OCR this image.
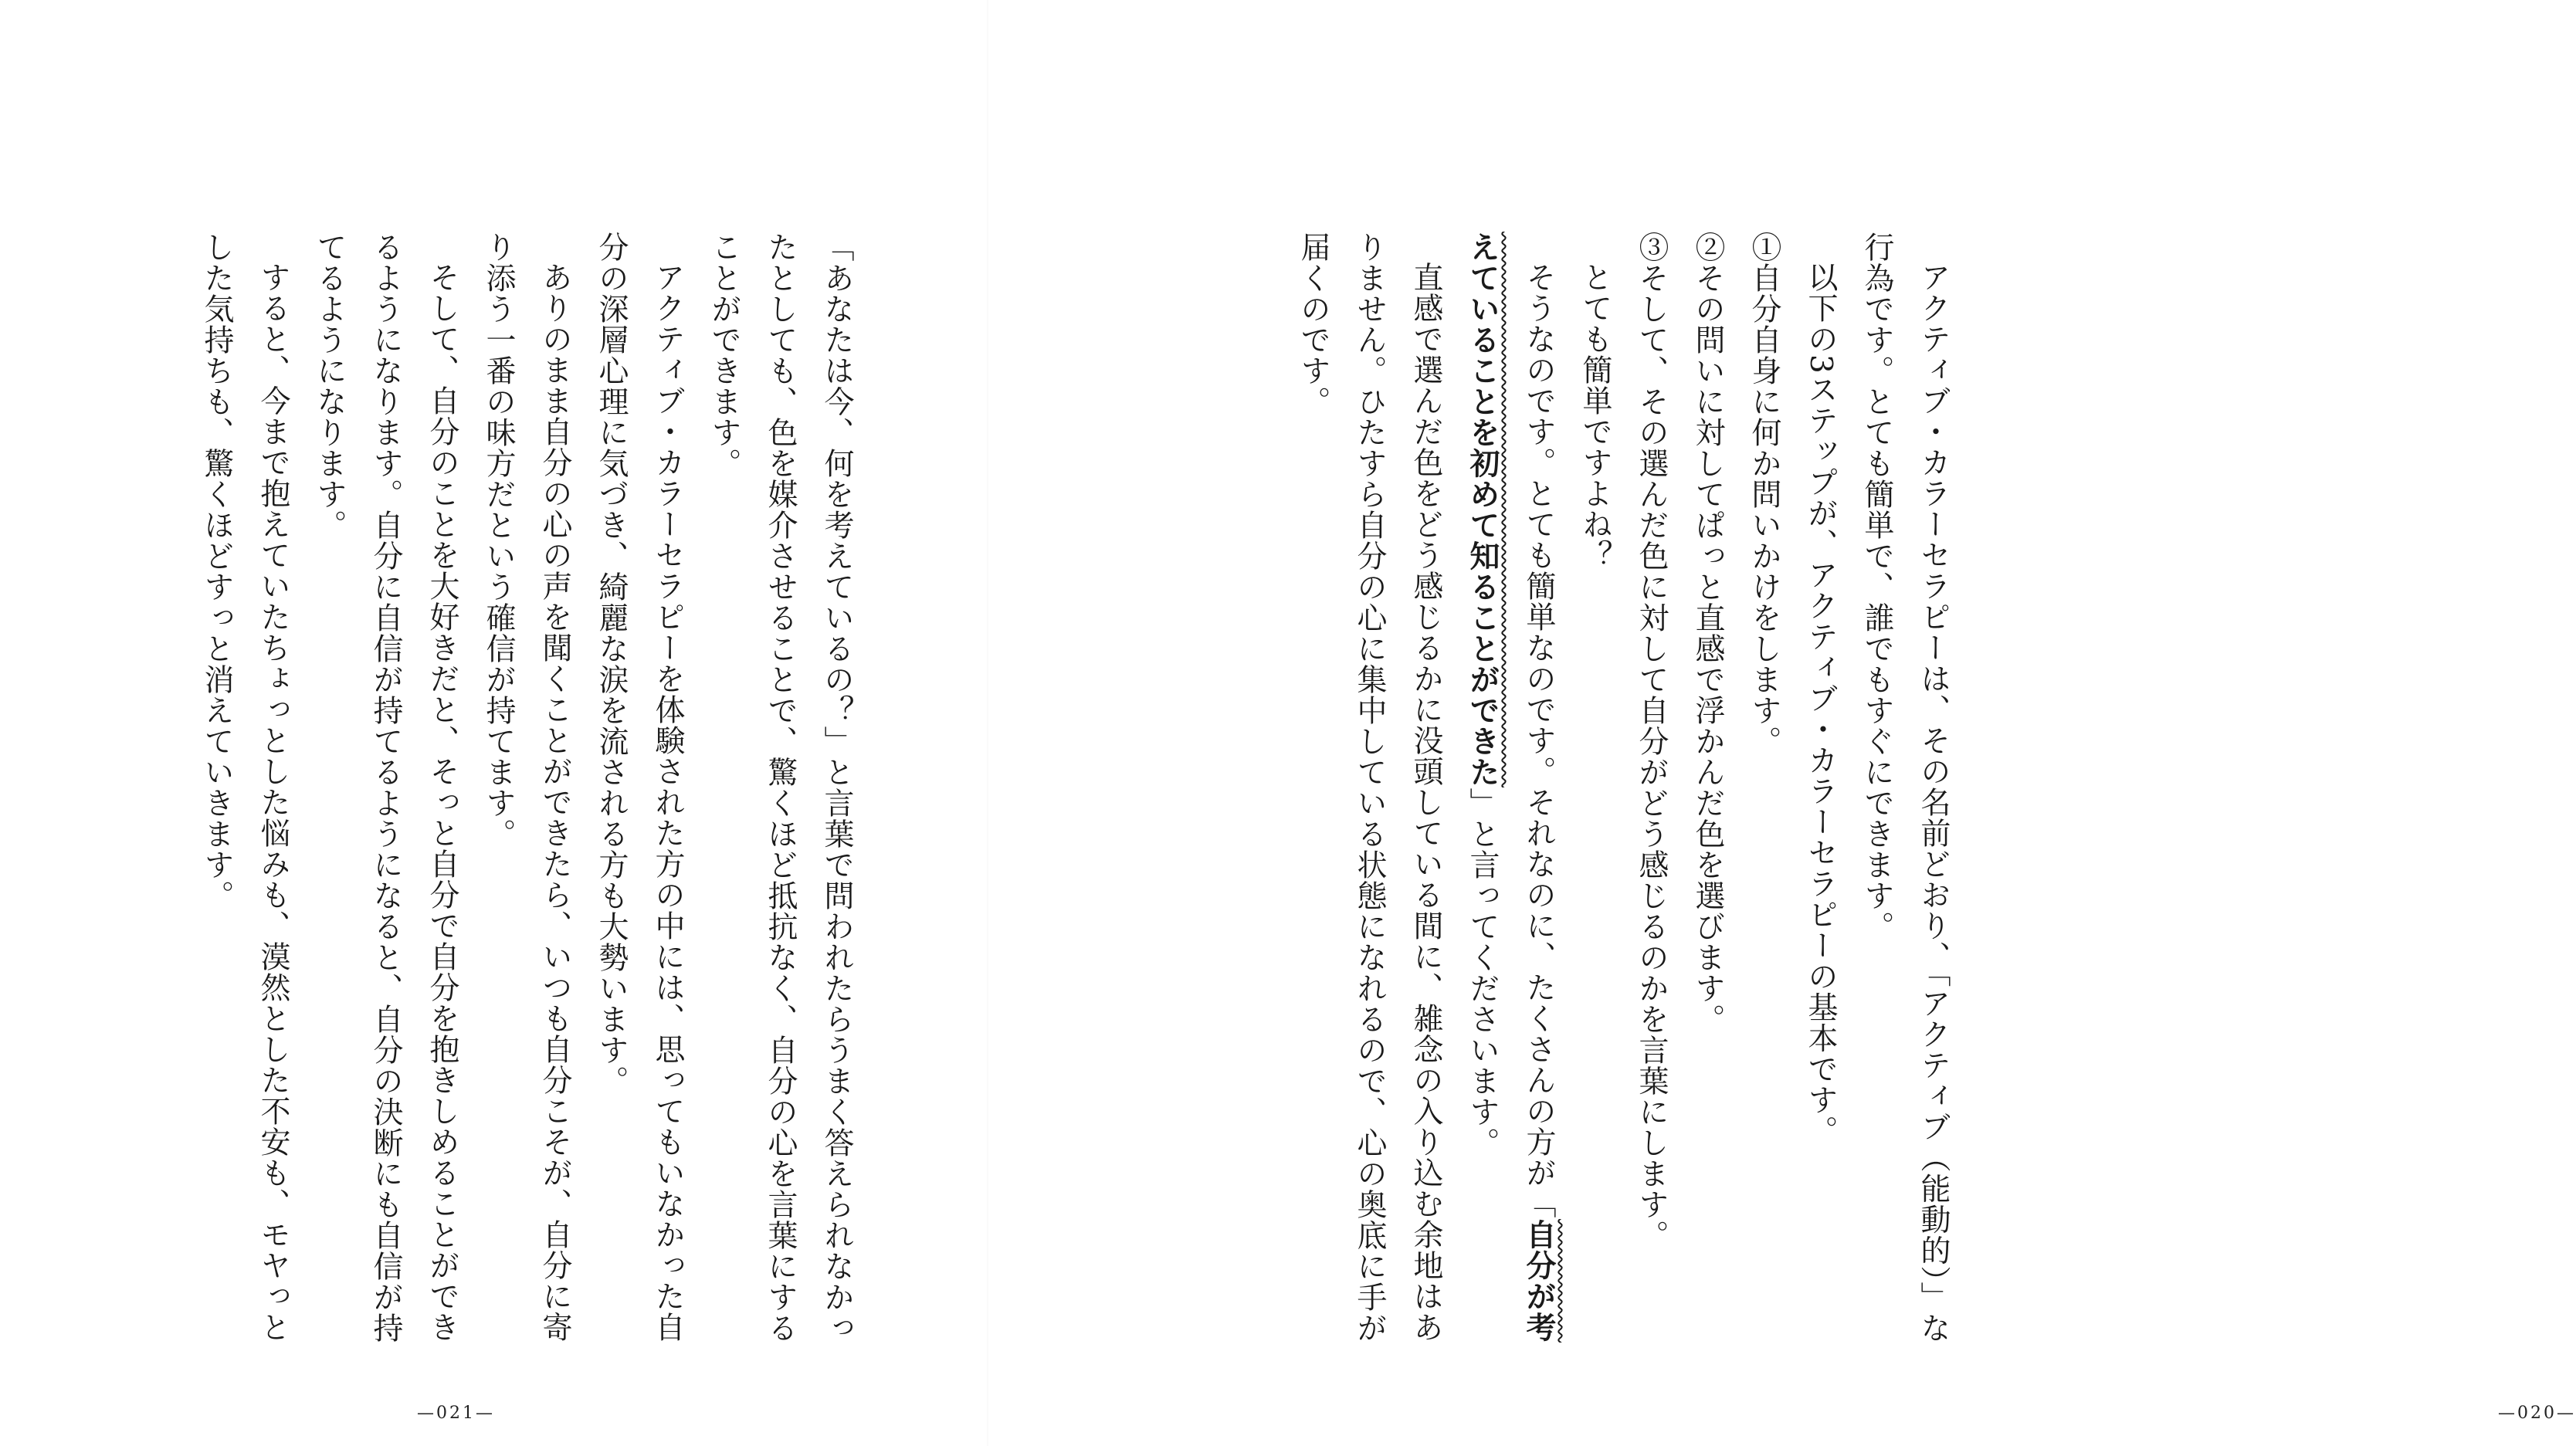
「あなたは今、何を考えているの？」と言葉で問われたらうまく答えられなかったとしても、色を媒介させることで、驚くほど抵抗なく、自分の心を言葉にすることができます。

アクティブ・カラーセラピーを体験された方の中には、思ってもいなかった自分の深層心理に気づき、綺麗な涙を流される方も大勢います。

ありのまま自分の心の声を聞くことができたら、いつも自分こそが、自分に寄り添う一番の味方だという確信が持てます。

そして、自分のことを大好きだと、そっと自分で自分を抱きしめることができるようになります。自分に自信が持てるようになると、自分の決断にも自信が持てるようになります。

すると、今まで抱えていたちょっとした悩みも、漠然とした不安も、モヤっとした気持ちも、驚くほどすっと消えていきます。

—021—

アクティブ・カラーセラピーは、その名前どおり、「アクティブ（能動的）」な行為です。とても簡単で、誰でもすぐにできます。

以下の3ステップが、アクティブ・カラーセラピーの基本です。

①自分自身に何か問いかけをします。

②その問いに対してぱっと直感で浮かんだ色を選びます。

③そして、その選んだ色に対して自分がどう感じるのかを言葉にします。

とても簡単ですよね？

そうなのです。とても簡単なのです。それなのに、たくさんの方が「自分が考えていることを初めて知ることができた」と言ってくださいます。

直感で選んだ色をどう感じるかに没頭している間に、雑念の入り込む余地はありません。ひたすら自分の心に集中している状態になれるので、心の奥底に手が届くのです。

—020—
